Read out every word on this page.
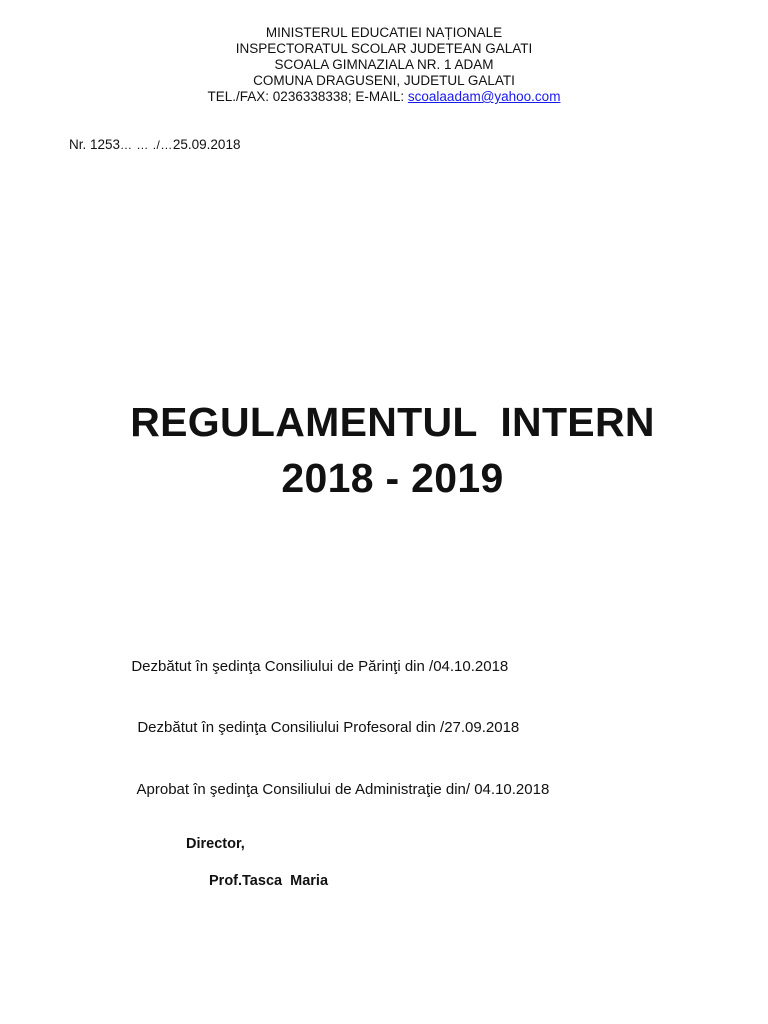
MINISTERUL EDUCATIEI NAȚIONALE
INSPECTORATUL SCOLAR JUDETEAN GALATI
SCOALA GIMNAZIALA NR. 1 ADAM
COMUNA DRAGUSENI, JUDETUL GALATI
TEL./FAX: 0236338338; E-MAIL: scoalaadam@yahoo.com
Nr. 1253… … ./…25.09.2018
REGULAMENTUL  INTERN
2018 - 2019

Dezbătut în şedinţa Consiliului de Părinţi din /04.10.2018

Dezbătut în şedinţa Consiliului Profesoral din /27.09.2018

Aprobat în şedinţa Consiliului de Administraţie din/ 04.10.2018

Director,
Prof.Tasca  Maria
